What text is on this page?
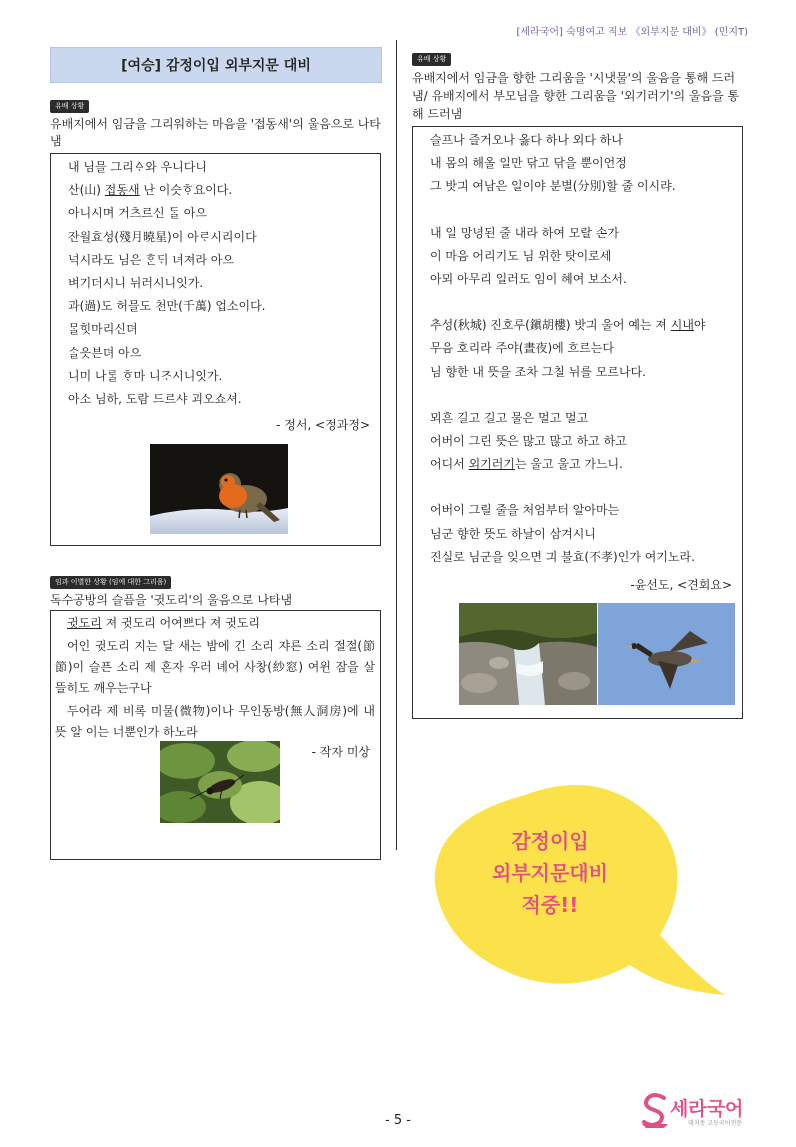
[세라국어] 숙명여고 직보 《외부지문 대비》 (민지T)
[여승] 감정이입 외부지문 대비
유배 상황
유배지에서 임금을 그리워하는 마음을 '접동새'의 울음으로 나타냄
내 님믈 그리ᅀᆞ와 우니다니
산(山) 접동새 난 이슷ᄒᆞ요이다.
아니시며 거츠르신 ᄃᆞᆯ 아으
잔월효성(殘月曉星)이 아ᄅᆞ시리이다
넉시라도 님은 ᄒᆞᆫᄃᆡ 녀져라 아으
벼기더시니 뉘러시니잇가.
과(過)도 허믈도 천만(千萬) 업소이다.
ᄆᆞᆯ힛마리신뎌
ᄉᆞᆯ읏븐뎌 아으
니미 나ᄅᆞᆯ ᄒᆞ마 니ᄌᆞ시니잇가.
아소 님하, 도람 드르샤 괴오쇼셔.
- 정서, <정과정>
임과 이별한 상황 (임에 대한 그리움)
독수공방의 슬픔을 '귓도리'의 울음으로 나타냄

귓도리 져 귓도리 어여쁘다 져 귓도리

어인 귓도리 지는 달 새는 밤에 긴 소리 쟈른 소리 절절(節節)이 슬픈 소리 제 혼자 우러 녜어 사창(紗窓) 여윈 잠을 살뜰히도 깨우는구나

두어라 제 비록 미물(微物)이나 무인동방(無人洞房)에 내 뜻 알 이는 너뿐인가 하노라

- 작자 미상
유배 상황
유배지에서 임금을 향한 그리움을 '시냇물'의 울음을 통해 드러냄/ 유배지에서 부모님을 향한 그리움을 '외기러기'의 울음을 통해 드러냄
슬프나 즐거오나 옳다 하나 외다 하나
내 몸의 해올 일만 닦고 닦을 뿐이언정
그 밧긔 여남은 일이야 분별(分別)할 줄 이시랴.
내 일 망녕된 줄 내라 하여 모랄 손가
이 마음 어리기도 님 위한 탓이로세
아뫼 아무리 일러도 임이 혜여 보소서.
추성(秋城) 진호루(鎭胡樓) 밧긔 울어 예는 져 시내야
무음 호리라 주야(晝夜)에 흐르는다
님 향한 내 뜻을 조차 그칠 뉘를 모르나다.
뫼흔 길고 길고 물은 멀고 멀고
어버이 그린 뜻은 많고 많고 하고 하고
어디서 외기러기는 울고 울고 가느니.
어버이 그릴 줄을 처엄부터 알아마는
님군 향한 뜻도 하날이 삼겨시니
진실로 님군을 잊으면 긔 불효(不孝)인가 여기노라.
-윤선도, <견회요>
감정이입
외부지문대비
적중!!
- 5 -
세라국어
대치동 고등국어전문
